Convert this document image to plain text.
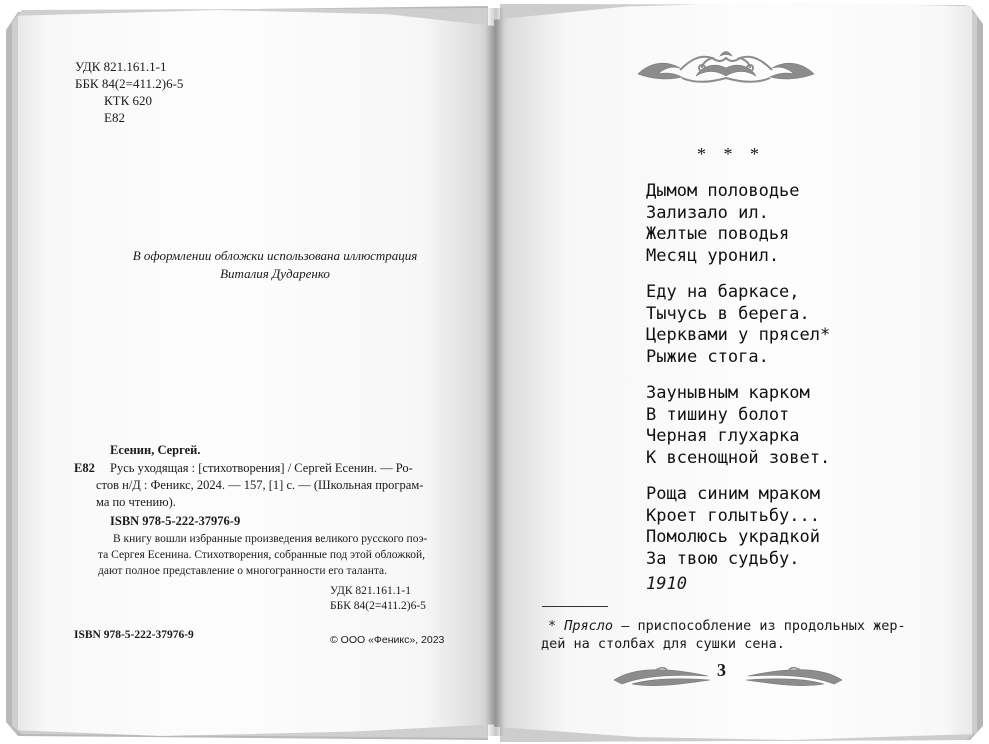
УДК 821.161.1-1
ББК 84(2=411.2)6-5
КТК 620
Е82
В оформлении обложки использована иллюстрация
Виталия Дударенко
Есенин, Сергей.
Е82 Русь уходящая : [стихотворения] / Сергей Есенин. — Ро-
стов н/Д : Феникс, 2024. — 157, [1] с. — (Школьная програм-
ма по чтению).
ISBN 978-5-222-37976-9
В книгу вошли избранные произведения великого русского поэ-
та Сергея Есенина. Стихотворения, собранные под этой обложкой,
дают полное представление о многогранности его таланта.
УДК 821.161.1-1
ББК 84(2=411.2)6-5
ISBN 978-5-222-37976-9	© ООО «Феникс», 2023
*   *   *
Дымом половодье
Зализало ил.
Желтые поводья
Месяц уронил.
Еду на баркасе,
Тычусь в берега.
Церквами у прясел*
Рыжие стога.
Заунывным карком
В тишину болот
Черная глухарка
К всенощной зовет.
Роща синим мраком
Кроет голытьбу...
Помолюсь украдкой
За твою судьбу.
1910
* Прясло — приспособление из продольных жер-
дей на столбах для сушки сена.
3
